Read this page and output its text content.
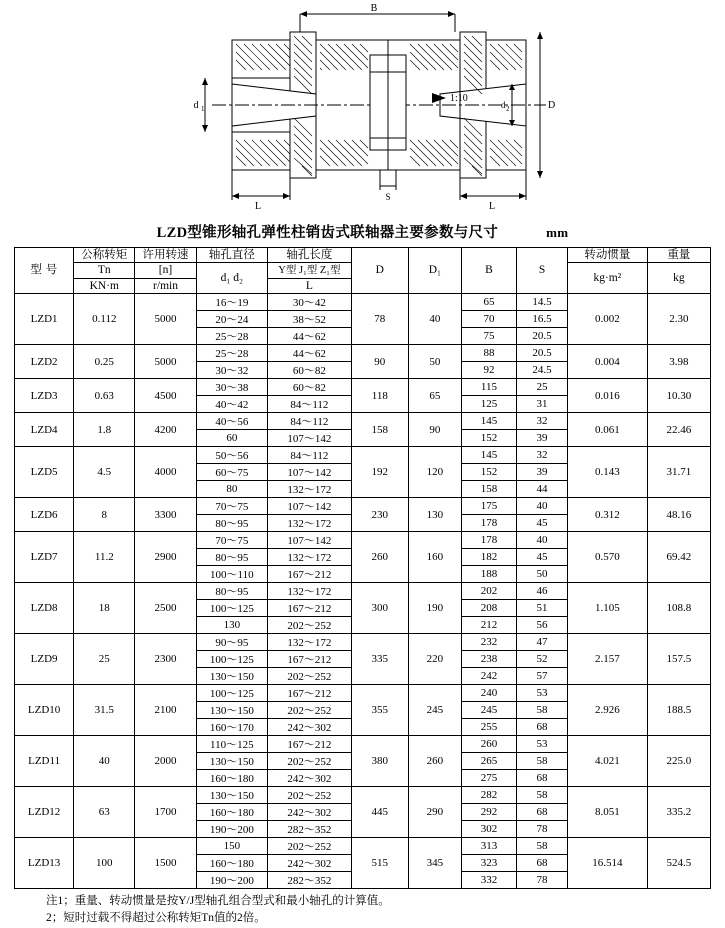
B
d 1	D
d 2
1:10
L	L
S
LZD型锥形轴孔弹性柱销齿式联轴器主要参数与尺寸	mm
型 号	公称转矩	许用转速	轴孔直径	轴孔长度	D	D₁	B	S	转动惯量	重量
	Tn	[n]	d₁ d₂	Y型 J₁型 Z₁型					kg·m²	kg
	KN·m	r/min		L						
LZD1	0.112	5000	16～19	30～42	78	40	65	14.5	0.002	2.30
			20～24	38～52			70	16.5		
			25～28	44～62			75	20.5		
LZD2	0.25	5000	25～28	44～62	90	50	88	20.5	0.004	3.98
			30～32	60～82			92	24.5		
LZD3	0.63	4500	30～38	60～82	118	65	115	25	0.016	10.30
			40～42	84～112			125	31		
LZD4	1.8	4200	40～56	84～112	158	90	145	32	0.061	22.46
			60	107～142			152	39		
LZD5	4.5	4000	50～56	84～112	192	120	145	32	0.143	31.71
			60～75	107～142			152	39		
			80	132～172			158	44		
LZD6	8	3300	70～75	107～142	230	130	175	40	0.312	48.16
			80～95	132～172			178	45		
LZD7	11.2	2900	70～75	107～142	260	160	178	40	0.570	69.42
			80～95	132～172			182	45		
			100～110	167～212			188	50		
LZD8	18	2500	80～95	132～172	300	190	202	46	1.105	108.8
			100～125	167～212			208	51		
			130	202～252			212	56		
LZD9	25	2300	90～95	132～172	335	220	232	47	2.157	157.5
			100～125	167～212			238	52		
			130～150	202～252			242	57		
LZD10	31.5	2100	100～125	167～212	355	245	240	53	2.926	188.5
			130～150	202～252			245	58		
			160～170	242～302			255	68		
LZD11	40	2000	110～125	167～212	380	260	260	53	4.021	225.0
			130～150	202～252			265	58		
			160～180	242～302			275	68		
LZD12	63	1700	130～150	202～252	445	290	282	58	8.051	335.2
			160～180	242～302			292	68		
			190～200	282～352			302	78		
LZD13	100	1500	150	202～252	515	345	313	58	16.514	524.5
			160～180	242～302			323	68		
			190～200	282～352			332	78		
注1；重量、转动惯量是按Y/J型轴孔组合型式和最小轴孔的计算值。
2；短时过载不得超过公称转矩Tn值的2倍。
